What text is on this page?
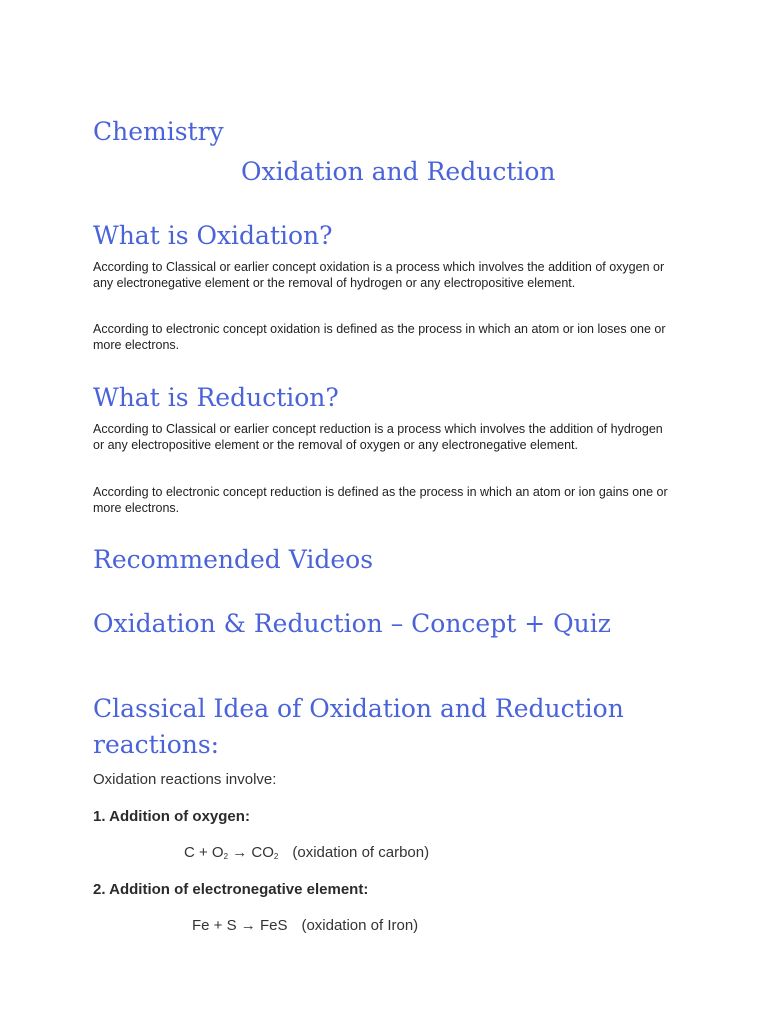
Chemistry
Oxidation and Reduction
What is Oxidation?

According to Classical or earlier concept oxidation is a process which involves the addition of oxygen or any electronegative element or the removal of hydrogen or any electropositive element.

According to electronic concept oxidation is defined as the process in which an atom or ion loses one or more electrons.

What is Reduction?

According to Classical or earlier concept reduction is a process which involves the addition of hydrogen or any electropositive element or the removal of oxygen or any electronegative element.

According to electronic concept reduction is defined as the process in which an atom or ion gains one or more electrons.

Recommended Videos
Oxidation & Reduction – Concept + Quiz
Classical Idea of Oxidation and Reduction reactions:

Oxidation reactions involve:

1. Addition of oxygen:

$C + O_2 \to CO_2$ (oxidation of carbon)

2. Addition of electronegative element:

Fe + S → FeS (oxidation of Iron)
